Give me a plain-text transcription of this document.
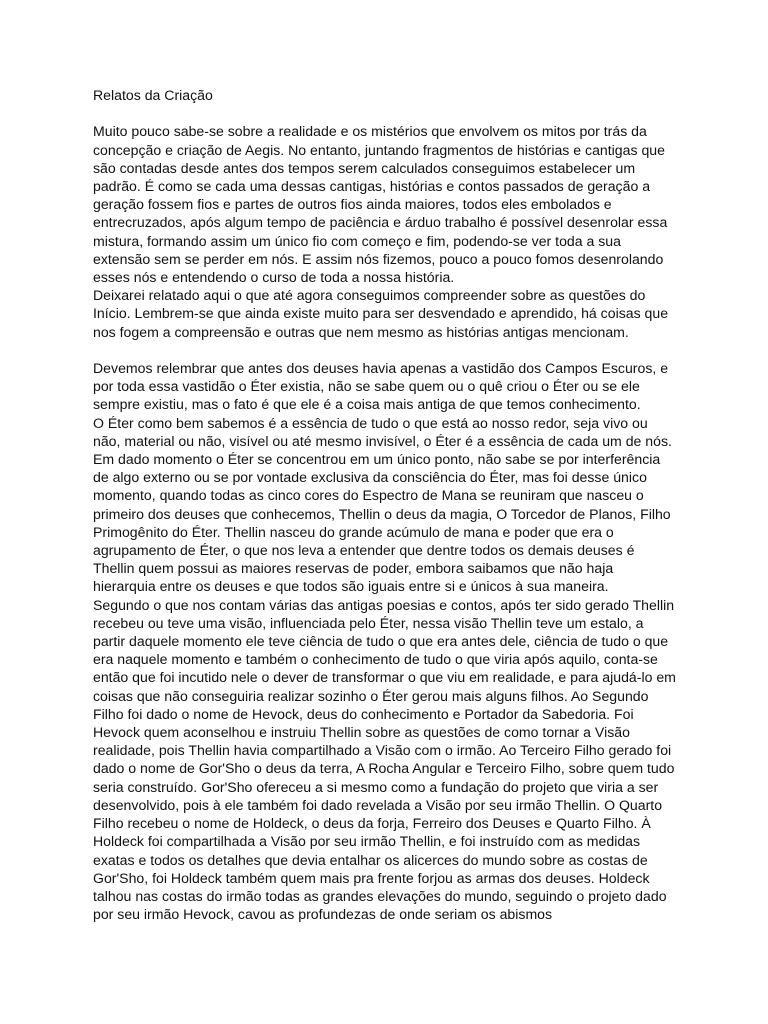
Relatos da Criação

Muito pouco sabe-se sobre a realidade e os mistérios que envolvem os mitos por trás da concepção e criação de Aegis. No entanto, juntando fragmentos de histórias e cantigas que são contadas desde antes dos tempos serem calculados conseguimos estabelecer um padrão. É como se cada uma dessas cantigas, histórias e contos passados de geração a geração fossem fios e partes de outros fios ainda maiores, todos eles embolados e entrecruzados, após algum tempo de paciência e árduo trabalho é possível desenrolar essa mistura, formando assim um único fio com começo e fim, podendo-se ver toda a sua extensão sem se perder em nós. E assim nós fizemos, pouco a pouco fomos desenrolando esses nós e entendendo o curso de toda a nossa história.

Deixarei relatado aqui o que até agora conseguimos compreender sobre as questões do Início. Lembrem-se que ainda existe muito para ser desvendado e aprendido, há coisas que nos fogem a compreensão e outras que nem mesmo as histórias antigas mencionam.

Devemos relembrar que antes dos deuses havia apenas a vastidão dos Campos Escuros, e por toda essa vastidão o Éter existia, não se sabe quem ou o quê criou o Éter ou se ele sempre existiu, mas o fato é que ele é a coisa mais antiga de que temos conhecimento.

O Éter como bem sabemos é a essência de tudo o que está ao nosso redor, seja vivo ou não, material ou não, visível ou até mesmo invisível, o Éter é a essência de cada um de nós. Em dado momento o Éter se concentrou em um único ponto, não sabe se por interferência de algo externo ou se por vontade exclusiva da consciência do Éter, mas foi desse único momento, quando todas as cinco cores do Espectro de Mana se reuniram que nasceu o primeiro dos deuses que conhecemos, Thellin o deus da magia, O Torcedor de Planos, Filho Primogênito do Éter. Thellin nasceu do grande acúmulo de mana e poder que era o agrupamento de Éter, o que nos leva a entender que dentre todos os demais deuses é Thellin quem possui as maiores reservas de poder, embora saibamos que não haja hierarquia entre os deuses e que todos são iguais entre si e únicos à sua maneira.

Segundo o que nos contam várias das antigas poesias e contos, após ter sido gerado Thellin recebeu ou teve uma visão, influenciada pelo Éter, nessa visão Thellin teve um estalo, a partir daquele momento ele teve ciência de tudo o que era antes dele, ciência de tudo o que era naquele momento e também o conhecimento de tudo o que viria após aquilo, conta-se então que foi incutido nele o dever de transformar o que viu em realidade, e para ajudá-lo em coisas que não conseguiria realizar sozinho o Éter gerou mais alguns filhos. Ao Segundo Filho foi dado o nome de Hevock, deus do conhecimento e Portador da Sabedoria. Foi Hevock quem aconselhou e instruiu Thellin sobre as questões de como tornar a Visão realidade, pois Thellin havia compartilhado a Visão com o irmão. Ao Terceiro Filho gerado foi dado o nome de Gor'Sho o deus da terra, A Rocha Angular e Terceiro Filho, sobre quem tudo seria construído. Gor'Sho ofereceu a si mesmo como a fundação do projeto que viria a ser desenvolvido, pois à ele também foi dado revelada a Visão por seu irmão Thellin. O Quarto Filho recebeu o nome de Holdeck, o deus da forja, Ferreiro dos Deuses e Quarto Filho. À Holdeck foi compartilhada a Visão por seu irmão Thellin, e foi instruído com as medidas exatas e todos os detalhes que devia entalhar os alicerces do mundo sobre as costas de Gor'Sho, foi Holdeck também quem mais pra frente forjou as armas dos deuses. Holdeck talhou nas costas do irmão todas as grandes elevações do mundo, seguindo o projeto dado por seu irmão Hevock, cavou as profundezas de onde seriam os abismos
